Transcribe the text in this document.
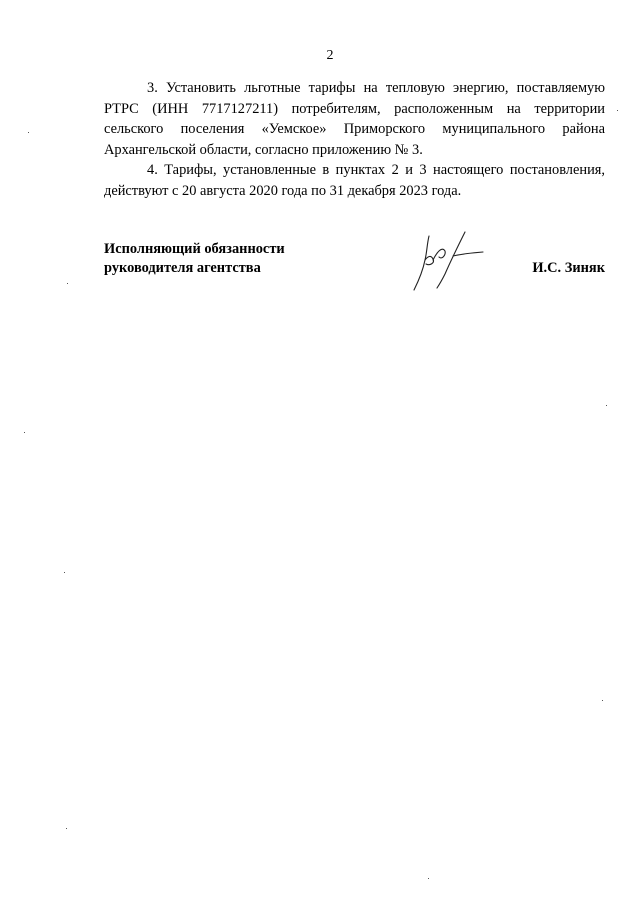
2

3. Установить льготные тарифы на тепловую энергию, поставляемую РТРС (ИНН 7717127211) потребителям, расположенным на территории сельского поселения «Уемское» Приморского муниципального района Архангельской области, согласно приложению № 3.

4. Тарифы, установленные в пунктах 2 и 3 настоящего постановления, действуют с 20 августа 2020 года по 31 декабря 2023 года.

Исполняющий обязанности
руководителя агентства	И.С. Зиняк
